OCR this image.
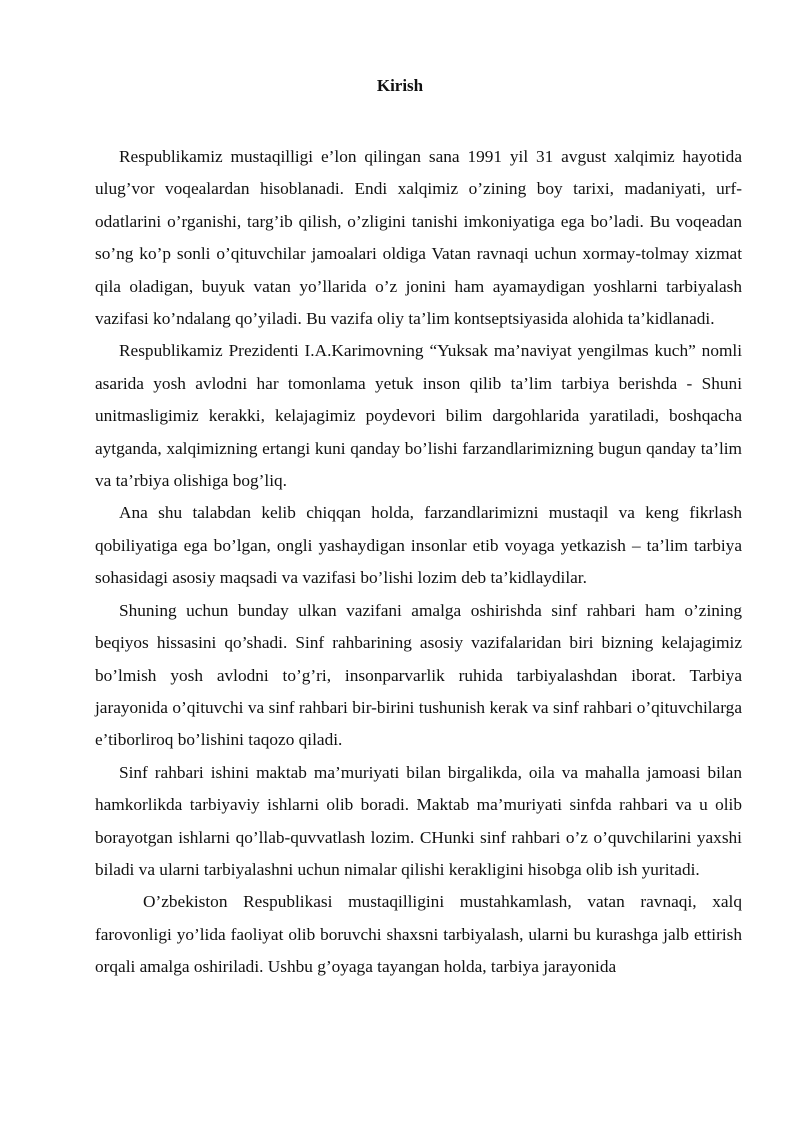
Kirish

Respublikamiz mustaqilligi e’lon qilingan sana 1991 yil 31 avgust xalqimiz hayotida ulug’vor voqealardan hisoblanadi. Endi xalqimiz o’zining boy tarixi, madaniyati, urf-odatlarini o’rganishi, targ’ib qilish, o’zligini tanishi imkoniyatiga ega bo’ladi. Bu voqeadan so’ng ko’p sonli o’qituvchilar jamoalari oldiga Vatan ravnaqi uchun xormay-tolmay xizmat qila oladigan, buyuk vatan yo’llarida o’z jonini ham ayamaydigan yoshlarni tarbiyalash vazifasi ko’ndalang qo’yiladi. Bu vazifa oliy ta’lim kontseptsiyasida alohida ta’kidlanadi.

Respublikamiz Prezidenti I.A.Karimovning “Yuksak ma’naviyat yengilmas kuch” nomli asarida yosh avlodni har tomonlama yetuk inson qilib ta’lim tarbiya berishda - Shuni unitmasligimiz kerakki, kelajagimiz poydevori bilim dargohlarida yaratiladi, boshqacha aytganda, xalqimizning ertangi kuni qanday bo’lishi farzandlarimizning bugun qanday ta’lim va ta’rbiya olishiga bog’liq.

Ana shu talabdan kelib chiqqan holda, farzandlarimizni mustaqil va keng fikrlash qobiliyatiga ega bo’lgan, ongli yashaydigan insonlar etib voyaga yetkazish – ta’lim tarbiya sohasidagi asosiy maqsadi va vazifasi bo’lishi lozim deb ta’kidlaydilar.

Shuning uchun bunday ulkan vazifani amalga oshirishda sinf rahbari ham o’zining beqiyos hissasini qo’shadi. Sinf rahbarining asosiy vazifalaridan biri bizning kelajagimiz bo’lmish yosh avlodni to’g’ri, insonparvarlik ruhida tarbiyalashdan iborat. Tarbiya jarayonida o’qituvchi va sinf rahbari bir-birini tushunish kerak va sinf rahbari o’qituvchilarga e’tiborliroq bo’lishini taqozo qiladi.

Sinf rahbari ishini maktab ma’muriyati bilan birgalikda, oila va mahalla jamoasi bilan hamkorlikda tarbiyaviy ishlarni olib boradi. Maktab ma’muriyati sinfda rahbari va u olib borayotgan ishlarni qo’llab-quvvatlash lozim. CHunki sinf rahbari o’z o’quvchilarini yaxshi biladi va ularni tarbiyalashni uchun nimalar qilishi kerakligini hisobga olib ish yuritadi.

O’zbekiston Respublikasi mustaqilligini mustahkamlash, vatan ravnaqi, xalq farovonligi yo’lida faoliyat olib boruvchi shaxsni tarbiyalash, ularni bu kurashga jalb ettirish orqali amalga oshiriladi. Ushbu g’oyaga tayangan holda, tarbiya jarayonida
